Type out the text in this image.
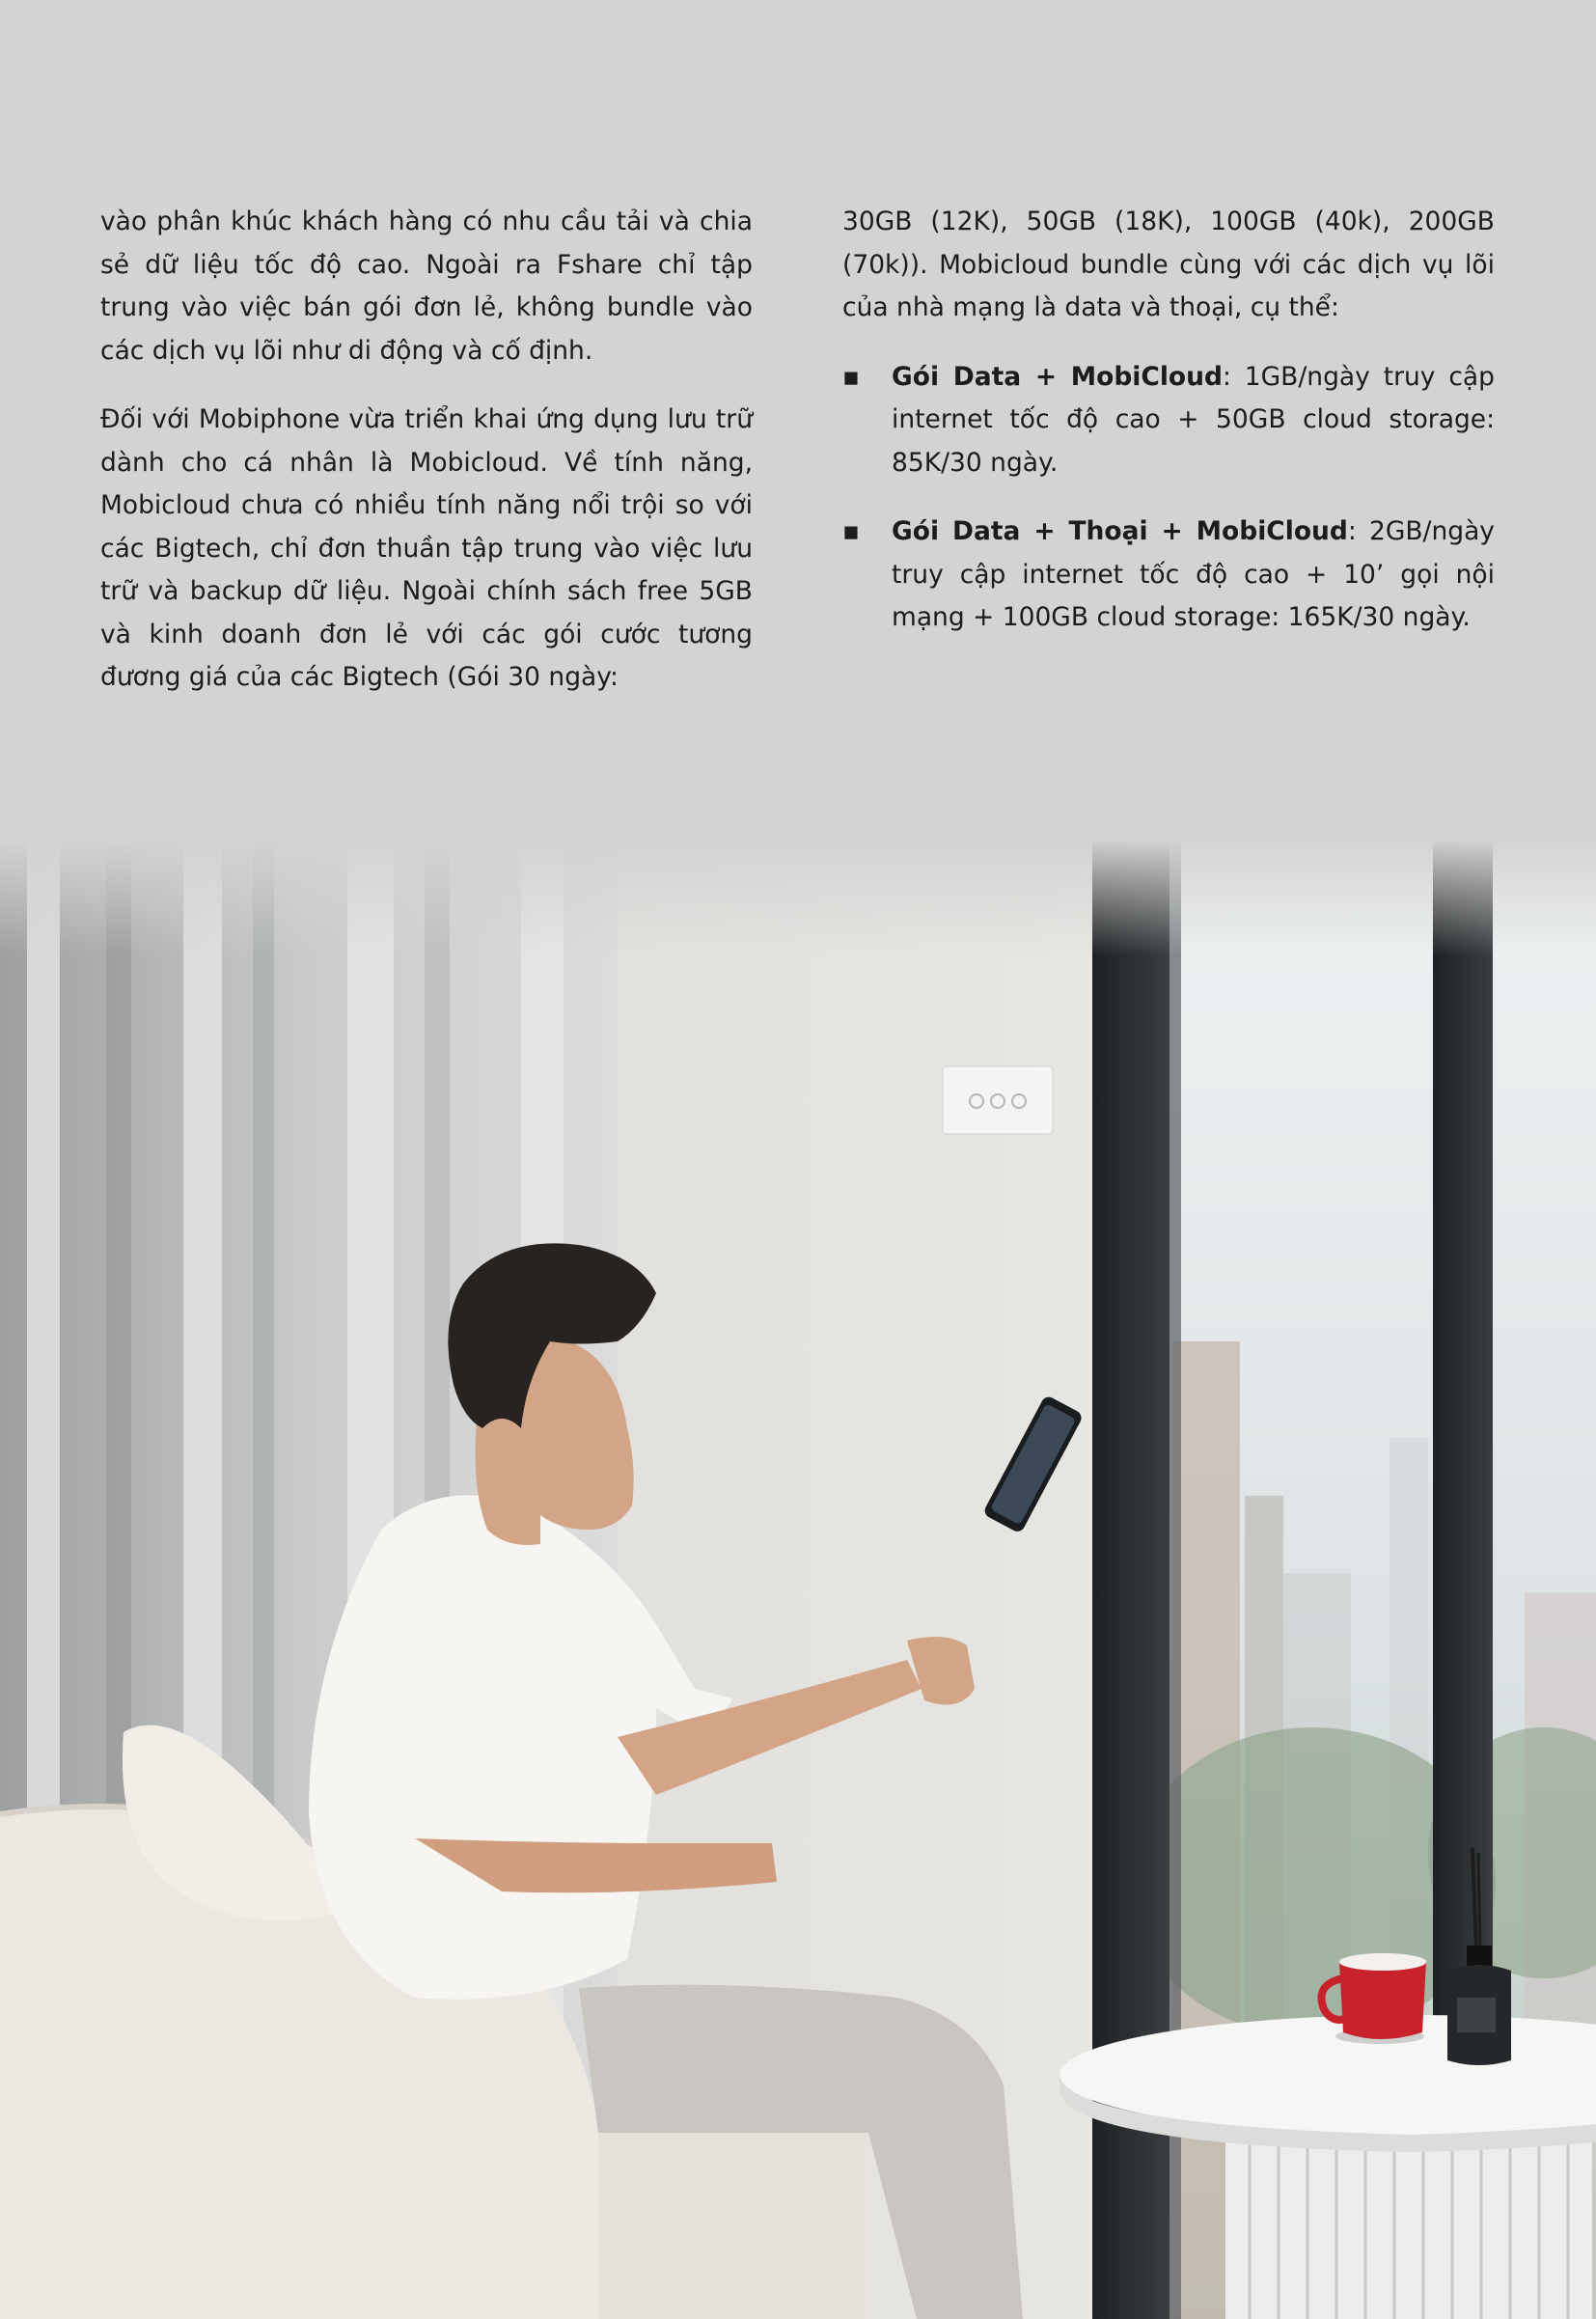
vào phân khúc khách hàng có nhu cầu tải và chia sẻ dữ liệu tốc độ cao. Ngoài ra Fshare chỉ tập trung vào việc bán gói đơn lẻ, không bundle vào các dịch vụ lõi như di động và cố định.

Đối với Mobiphone vừa triển khai ứng dụng lưu trữ dành cho cá nhân là Mobicloud. Về tính năng, Mobicloud chưa có nhiều tính năng nổi trội so với các Bigtech, chỉ đơn thuần tập trung vào việc lưu trữ và backup dữ liệu. Ngoài chính sách free 5GB và kinh doanh đơn lẻ với các gói cước tương đương giá của các Bigtech (Gói 30 ngày:

30GB (12K), 50GB (18K), 100GB (40k), 200GB (70k)). Mobicloud bundle cùng với các dịch vụ lõi của nhà mạng là data và thoại, cụ thể:

▪ Gói Data + MobiCloud: 1GB/ngày truy cập internet tốc độ cao + 50GB cloud storage: 85K/30 ngày.
▪ Gói Data + Thoại + MobiCloud: 2GB/ngày truy cập internet tốc độ cao + 10’ gọi nội mạng + 100GB cloud storage: 165K/30 ngày.
